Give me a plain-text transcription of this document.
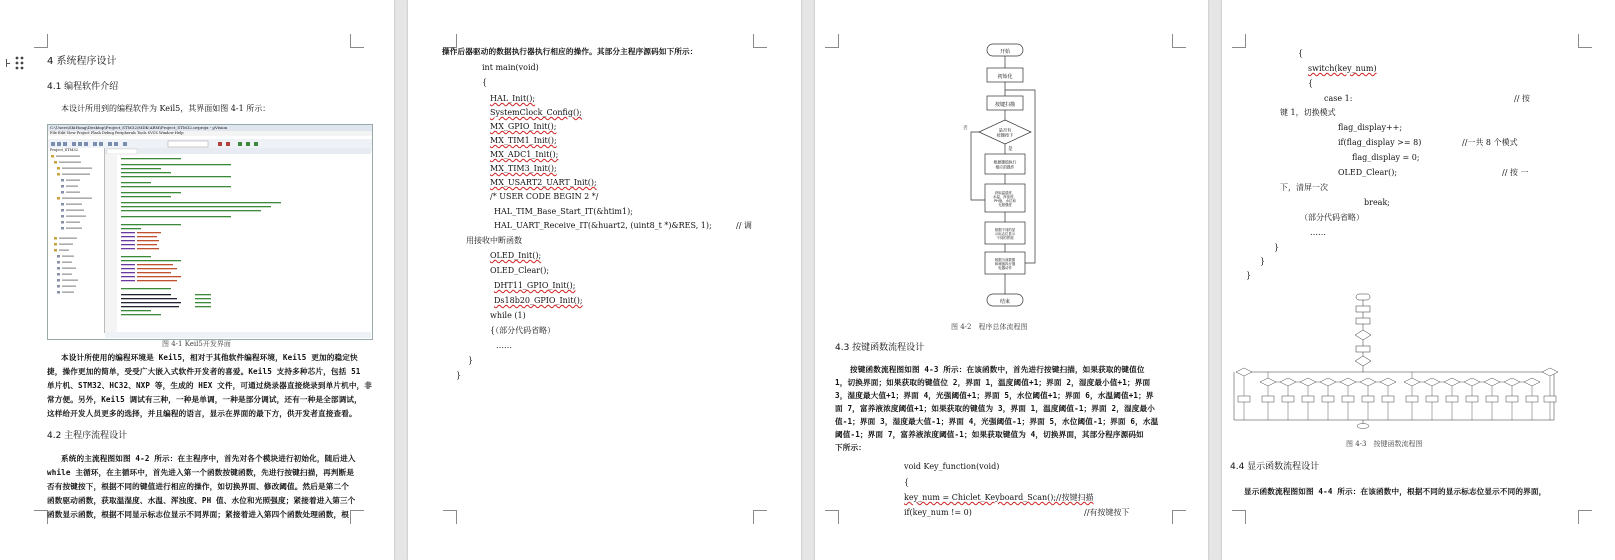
4 系统程序设计
4.1 编程软件介绍
本设计所用到的编程软件为 Keil5，其界面如图 4-1 所示：
C:\Users\ShiHong\Desktop\Project_STM32\MDK-ARM\Project_STM32.uvprojx - µVision
File Edit View Project Flash Debug Peripherals Tools SVCS Window Help
Project_STM32
图 4-1 Keil5开发界面
本设计所使用的编程环境是 Keil5，相对于其他软件编程环境，Keil5 更加的稳定快
捷，操作更加的简单，受受广大嵌入式软件开发者的喜爱。Keil5 支持多种芯片，包括 51
单片机、STM32、HC32、NXP 等，生成的 HEX 文件，可通过烧录器直接烧录到单片机中，非
常方便。另外，Keil5 调试有三种，一种是单调，一种是部分调试，还有一种是全部调试，
这样给开发人员更多的选择，并且编程的语言，显示在界面的最下方，供开发者直接查看。
4.2 主程序流程设计
系统的主流程图如图 4-2 所示：在主程序中，首先对各个模块进行初始化，随后进入
while 主循环，在主循环中，首先进入第一个函数按键函数，先进行按键扫描，再判断是
否有按键按下，根据不同的键值进行相应的操作，如切换界面、修改阈值。然后是第二个
函数驱动函数，获取温湿度、水温、浑浊度、PH 值、水位和光照强度；紧接着进入第三个
函数显示函数，根据不同显示标志位显示不同界面；紧接着进入第四个函数处理函数，根
操作后器驱动的数据执行器执行相应的操作。其部分主程序源码如下所示：
int main(void)
{
HAL_Init();
SystemClock_Config();
MX_GPIO_Init();
MX_TIM1_Init();
MX_ADC1_Init();
MX_TIM3_Init();
MX_USART2_UART_Init();
/* USER CODE BEGIN 2 */
HAL_TIM_Base_Start_IT(&htim1);
HAL_UART_Receive_IT(&huart2, (uint8_t *)&RES, 1);	// 调
用接收中断函数
OLED_Init();
OLED_Clear();
DHT11_GPIO_Init();
Ds18b20_GPIO_Init();
while (1)
{（部分代码省略）
……
}
}
开始
初始化
按键扫描
是否有按键按下
根据键值执行相应的操作
获取温湿度、水温、浑浊度、 PH值、水位和光照强度
根据不同的显示标志位显示不同的界面
根据当前数据和阈值执行继电器动作
结束
是
否
图 4-2　程序总体流程图
4.3 按键函数流程设计
按键函数流程图如图 4-3 所示：在该函数中，首先进行按键扫描，如果获取的键值位
1，切换界面；如果获取的键值位 2，界面 1，温度阈值+1；界面 2，湿度最小值+1；界面
3，湿度最大值+1；界面 4，光强阈值+1；界面 5，水位阈值+1；界面 6，水温阈值+1；界
面 7，富养液浓度阈值+1；如果获取的键值为 3，界面 1，温度阈值-1；界面 2，湿度最小
值-1；界面 3，湿度最大值-1；界面 4，光强阈值-1；界面 5，水位阈值-1；界面 6，水温
阈值-1；界面 7，富养液浓度阈值-1；如果获取键值为 4，切换界面，其部分程序源码如
下所示：
void Key_function(void)
{
key_num = Chiclet_Keyboard_Scan();//按键扫描
if(key_num != 0)	//有按键按下
{
switch(key_num)
{
case 1:	// 按
键 1，切换模式
flag_display++;
if(flag_display >= 8)	//一共 8 个模式
flag_display = 0;
OLED_Clear();	// 按 一
下，清屏一次
break;
（部分代码省略）
……
}
}
}
图 4-3　按键函数流程图
4.4 显示函数流程设计
显示函数流程图如图 4-4 所示：在该函数中，根据不同的显示标志位显示不同的界面，
